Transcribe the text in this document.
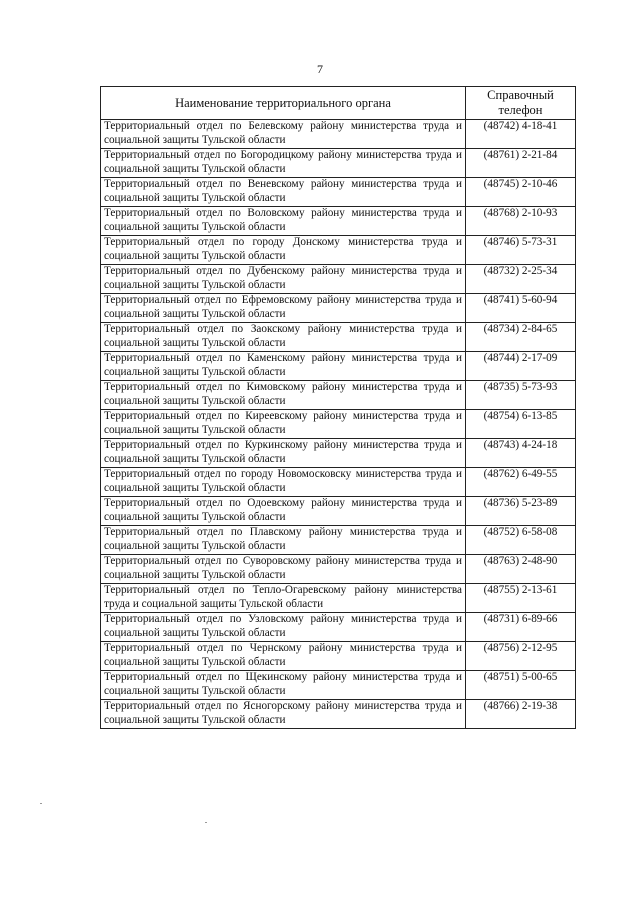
7
Наименование территориального органа	Справочный телефон
Территориальный отдел по Белевскому району министерства труда и социальной защиты Тульской области	(48742) 4-18-41
Территориальный отдел по Богородицкому району министерства труда и социальной защиты Тульской области	(48761) 2-21-84
Территориальный отдел по Веневскому району министерства труда и социальной защиты Тульской области	(48745) 2-10-46
Территориальный отдел по Воловскому району министерства труда и социальной защиты Тульской области	(48768) 2-10-93
Территориальный отдел по городу Донскому министерства труда и социальной защиты Тульской области	(48746) 5-73-31
Территориальный отдел по Дубенскому району министерства труда и социальной защиты Тульской области	(48732) 2-25-34
Территориальный отдел по Ефремовскому району министерства труда и социальной защиты Тульской области	(48741) 5-60-94
Территориальный отдел по Заокскому району министерства труда и социальной защиты Тульской области	(48734) 2-84-65
Территориальный отдел по Каменскому району министерства труда и социальной защиты Тульской области	(48744) 2-17-09
Территориальный отдел по Кимовскому району министерства труда и социальной защиты Тульской области	(48735) 5-73-93
Территориальный отдел по Киреевскому району министерства труда и социальной защиты Тульской области	(48754) 6-13-85
Территориальный отдел по Куркинскому району министерства труда и социальной защиты Тульской области	(48743) 4-24-18
Территориальный отдел по городу Новомосковску министерства труда и социальной защиты Тульской области	(48762) 6-49-55
Территориальный отдел по Одоевскому району министерства труда и социальной защиты Тульской области	(48736) 5-23-89
Территориальный отдел по Плавскому району министерства труда и социальной защиты Тульской области	(48752) 6-58-08
Территориальный отдел по Суворовскому району министерства труда и социальной защиты Тульской области	(48763) 2-48-90
Территориальный отдел по Тепло-Огаревскому району министерства труда и социальной защиты Тульской области	(48755) 2-13-61
Территориальный отдел по Узловскому району министерства труда и социальной защиты Тульской области	(48731) 6-89-66
Территориальный отдел по Чернскому району министерства труда и социальной защиты Тульской области	(48756) 2-12-95
Территориальный отдел по Щекинскому району министерства труда и социальной защиты Тульской области	(48751) 5-00-65
Территориальный отдел по Ясногорскому району министерства труда и социальной защиты Тульской области	(48766) 2-19-38
